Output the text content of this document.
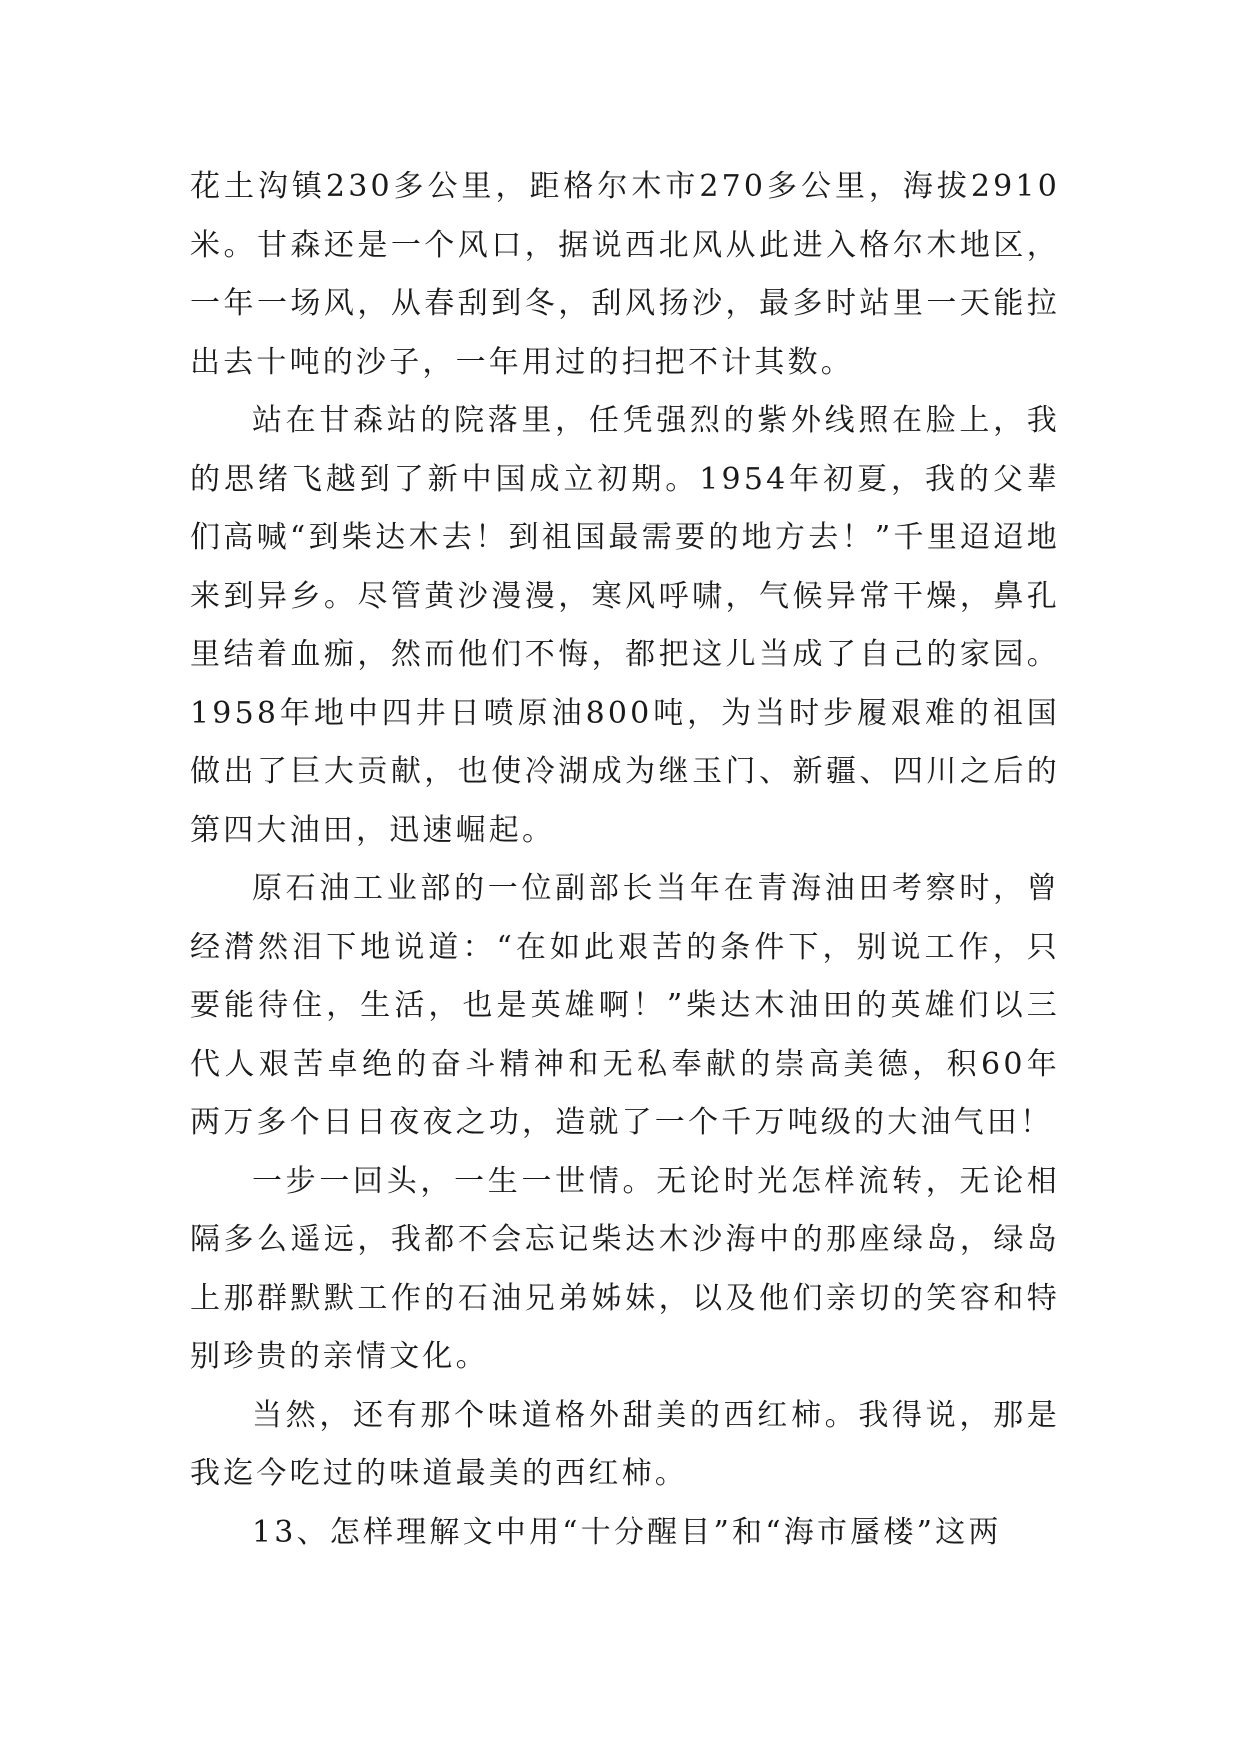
花土沟镇230多公里，距格尔木市270多公里，海拔2910米。甘森还是一个风口，据说西北风从此进入格尔木地区，一年一场风，从春刮到冬，刮风扬沙，最多时站里一天能拉出去十吨的沙子，一年用过的扫把不计其数。

站在甘森站的院落里，任凭强烈的紫外线照在脸上，我的思绪飞越到了新中国成立初期。1954年初夏，我的父辈们高喊“到柴达木去！到祖国最需要的地方去！”千里迢迢地来到异乡。尽管黄沙漫漫，寒风呼啸，气候异常干燥，鼻孔里结着血痂，然而他们不悔，都把这儿当成了自己的家园。1958年地中四井日喷原油800吨，为当时步履艰难的祖国做出了巨大贡献，也使冷湖成为继玉门、新疆、四川之后的第四大油田，迅速崛起。

原石油工业部的一位副部长当年在青海油田考察时，曾经潸然泪下地说道：“在如此艰苦的条件下，别说工作，只要能待住，生活，也是英雄啊！”柴达木油田的英雄们以三代人艰苦卓绝的奋斗精神和无私奉献的崇高美德，积60年两万多个日日夜夜之功，造就了一个千万吨级的大油气田！

一步一回头，一生一世情。无论时光怎样流转，无论相隔多么遥远，我都不会忘记柴达木沙海中的那座绿岛，绿岛上那群默默工作的石油兄弟姊妹，以及他们亲切的笑容和特别珍贵的亲情文化。

当然，还有那个味道格外甜美的西红柿。我得说，那是我迄今吃过的味道最美的西红柿。

13、怎样理解文中用“十分醒目”和“海市蜃楼”这两
